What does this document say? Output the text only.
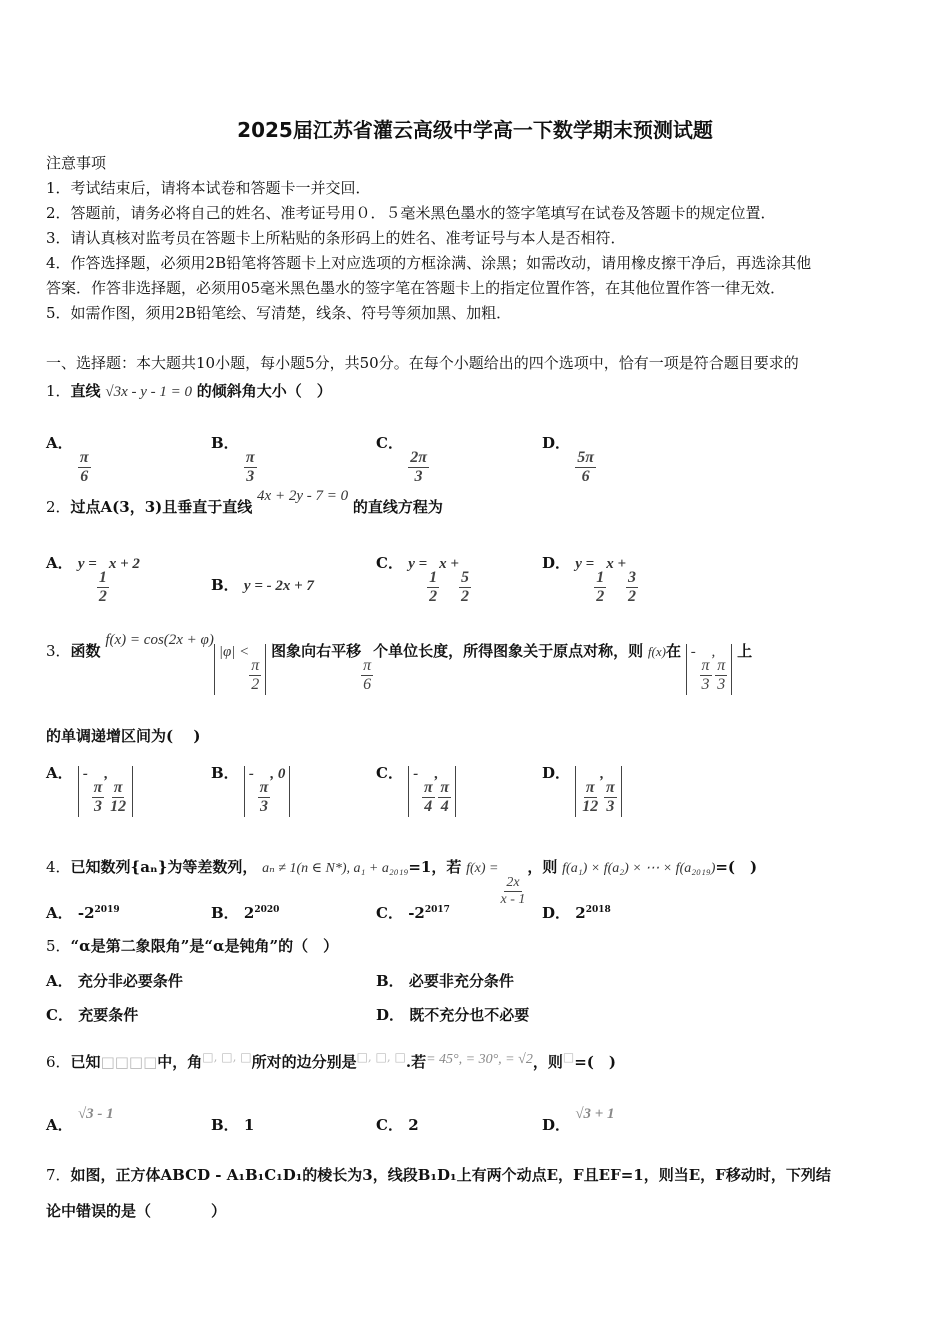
2025届江苏省灌云高级中学高一下数学期末预测试题
注意事项
1．考试结束后，请将本试卷和答题卡一并交回．
2．答题前，请务必将自己的姓名、准考证号用０．５毫米黑色墨水的签字笔填写在试卷及答题卡的规定位置．
3．请认真核对监考员在答题卡上所粘贴的条形码上的姓名、准考证号与本人是否相符．
4．作答选择题，必须用2B铅笔将答题卡上对应选项的方框涂满、涂黑；如需改动，请用橡皮擦干净后，再选涂其他
答案．作答非选择题，必须用05毫米黑色墨水的签字笔在答题卡上的指定位置作答，在其他位置作答一律无效．
5．如需作图，须用2B铅笔绘、写清楚，线条、符号等须加黑、加粗．
一、选择题：本大题共10小题，每小题5分，共50分。在每个小题给出的四个选项中，恰有一项是符合题目要求的
1．直线 √3x - y - 1 = 0 的倾斜角大小（　）
A．
$\frac{\pi}{6}$
B．
$\frac{\pi}{3}$
C．
$\frac{2\pi}{3}$
D．
$\frac{5\pi}{6}$
2．过点A(3，3)且垂直于直线 4x + 2y - 7 = 0 的直线方程为
A． y =
$\frac{1}{2}$
x + 2
B． y = - 2x + 7
C． y =
$\frac{1}{2}$
x +
$\frac{5}{2}$
D． y =
$\frac{1}{2}$
x +
$\frac{3}{2}$
3．函数 f(x) = cos(2x + φ)|φ| <
$\frac{\pi}{2}$
图象向右平移
$\frac{\pi}{6}$
个单位长度，所得图象关于原点对称，则 f(x)在 -
$\frac{\pi}{3}$
,
$\frac{\pi}{3}$
上
的单调递增区间为(　 )
A． -
$\frac{\pi}{3}$
,
$\frac{\pi}{12}$
B． -
$\frac{\pi}{3}$
, 0	C． -
$\frac{\pi}{4}$
,
$\frac{\pi}{4}$
D．
$\frac{\pi}{12}$
,
$\frac{\pi}{3}$
4．已知数列{aₙ}为等差数列， aₙ ≠ 1(n ∈ N*), a₁ + a₂₀₁₉=1，若 f(x) =
$\frac{2x}{x - 1}$
，则 f(a₁) × f(a₂) × ⋯ × f(a₂₀₁₉)=(　)
A． $-2^{2019}$	B． $2^{2020}$	C． $-2^{2017}$	D． $2^{2018}$
5．“α是第二象限角”是“α是钝角”的（　）
A． 充分非必要条件	B． 必要非充分条件
C． 充要条件	D． 既不充分也不必要
6．已知□□□□中，角□, □, □所对的边分别是□, □, □.若= 45°, = 30°, = √2，则□=(　)
A． √3 - 1
B． 1	C． 2	D． √3 + 1
7．如图，正方体ABCD - A₁B₁C₁D₁的棱长为3，线段B₁D₁上有两个动点E，F且EF=1，则当E，F移动时，下列结
论中错误的是（　　　　）
